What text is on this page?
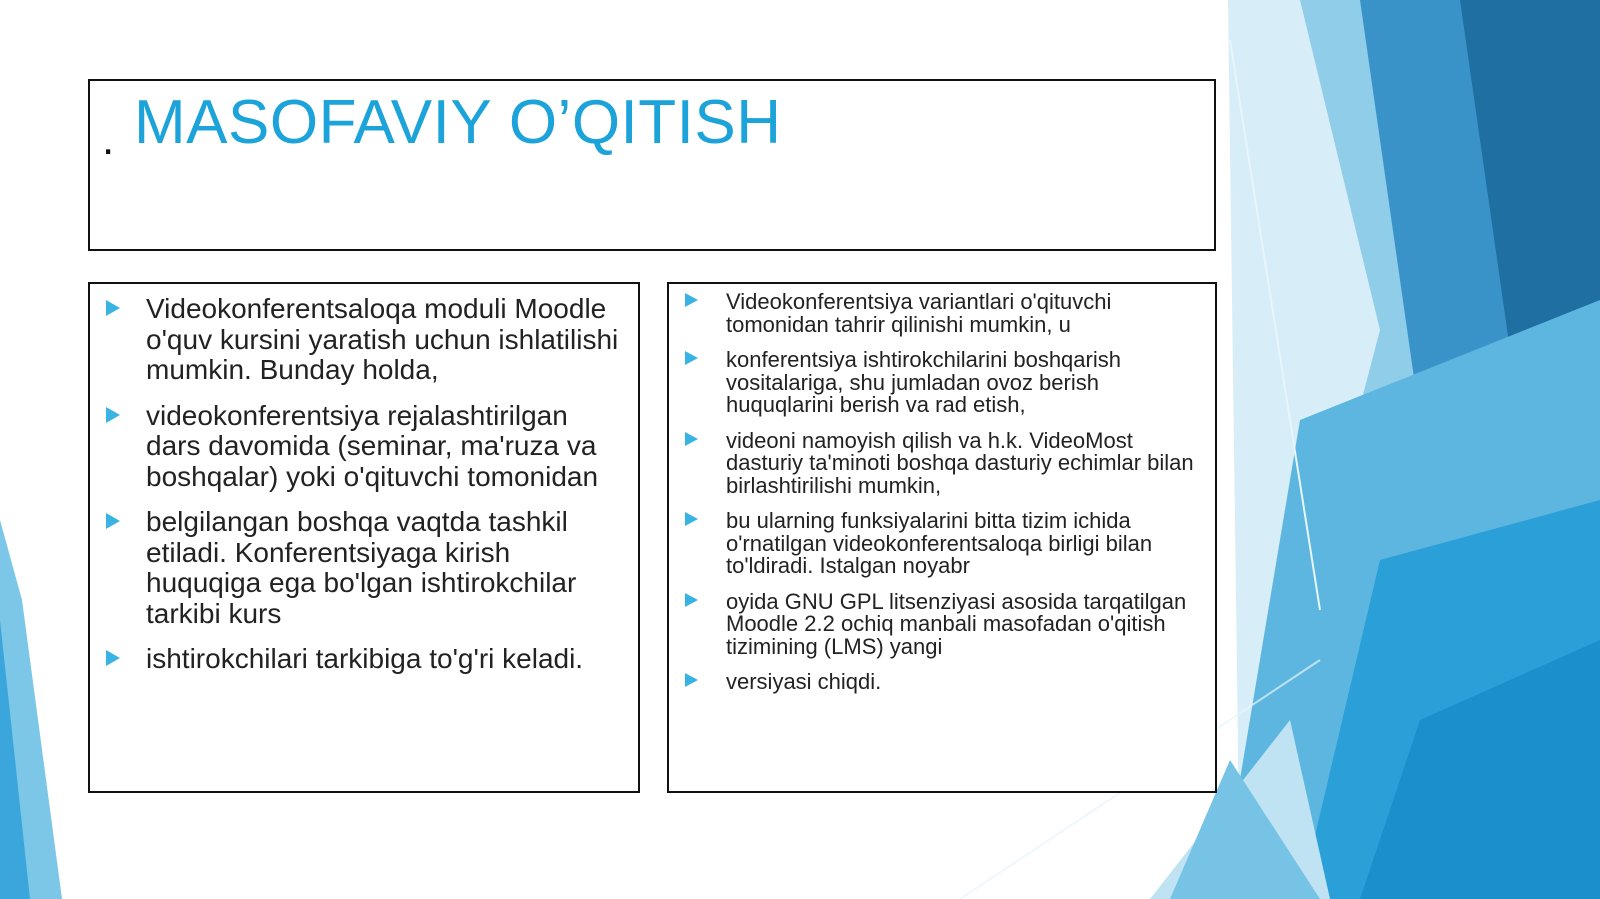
. MASOFAVIY O’QITISH
Videokonferentsaloqa moduli Moodle o'quv kursini yaratish uchun ishlatilishi mumkin. Bunday holda,
videokonferentsiya rejalashtirilgan dars davomida (seminar, ma'ruza va boshqalar) yoki o'qituvchi tomonidan
belgilangan boshqa vaqtda tashkil etiladi. Konferentsiyaga kirish huquqiga ega bo'lgan ishtirokchilar tarkibi kurs
ishtirokchilari tarkibiga to'g'ri keladi.
Videokonferentsiya variantlari o'qituvchi tomonidan tahrir qilinishi mumkin, u
konferentsiya ishtirokchilarini boshqarish vositalariga, shu jumladan ovoz berish huquqlarini berish va rad etish,
videoni namoyish qilish va h.k. VideoMost dasturiy ta'minoti boshqa dasturiy echimlar bilan birlashtirilishi mumkin,
bu ularning funksiyalarini bitta tizim ichida o'rnatilgan videokonferentsaloqa birligi bilan to'ldiradi. Istalgan noyabr
oyida GNU GPL litsenziyasi asosida tarqatilgan Moodle 2.2 ochiq manbali masofadan o'qitish tizimining (LMS) yangi
versiyasi chiqdi.
